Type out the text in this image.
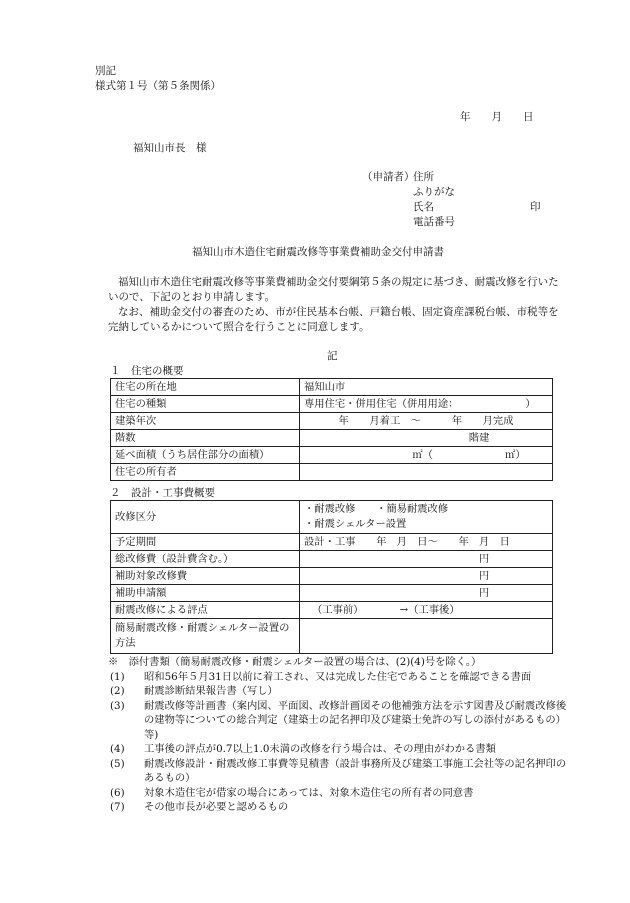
別記
様式第１号（第５条関係）
年　　月　　日
福知山市長　様
（申請者）
住所
ふりがな
氏名	印
電話番号
福知山市木造住宅耐震改修等事業費補助金交付申請書
福知山市木造住宅耐震改修等事業費補助金交付要綱第５条の規定に基づき、耐震改修を行いたいので、下記のとおり申請します。
なお、補助金交付の審査のため、市が住民基本台帳、戸籍台帳、固定資産課税台帳、市税等を完納しているかについて照合を行うことに同意します。
記
１　住宅の概要
住宅の所在地	福知山市
住宅の種類	専用住宅・併用住宅（併用用途：　　　　　　　）
建築年次	年　　月着工　～　　　年　　月完成
階数	階建
延べ面積（うち居住部分の面積）	㎡（　　　　　　　㎡）
住宅の所有者	
２　設計・工事費概要
改修区分	・耐震改修　　・簡易耐震改修
・耐震シェルター設置

予定期間	設計・工事　　年　月　日～　　年　月　日
総改修費（設計費含む。）	円
補助対象改修費	円
補助申請額	円
耐震改修による評点	（工事前）　　　　→（工事後）
簡易耐震改修・耐震シェルター設置の方法	
※　添付書類（簡易耐震改修・耐震シェルター設置の場合は、(2)(4)号を除く。）
(1)	昭和56年５月31日以前に着工され、又は完成した住宅であることを確認できる書面
(2)	耐震診断結果報告書（写し）
(3)	耐震改修等計画書（案内図、平面図、改修計画図その他補強方法を示す図書及び耐震改修後の建物等についての総合判定（建築士の記名押印及び建築士免許の写しの添付があるもの）等)
(4)	工事後の評点が0.7以上1.0未満の改修を行う場合は、その理由がわかる書類
(5)	耐震改修設計・耐震改修工事費等見積書（設計事務所及び建築工事施工会社等の記名押印のあるもの）
(6)	対象木造住宅が借家の場合にあっては、対象木造住宅の所有者の同意書
(7)	その他市長が必要と認めるもの
